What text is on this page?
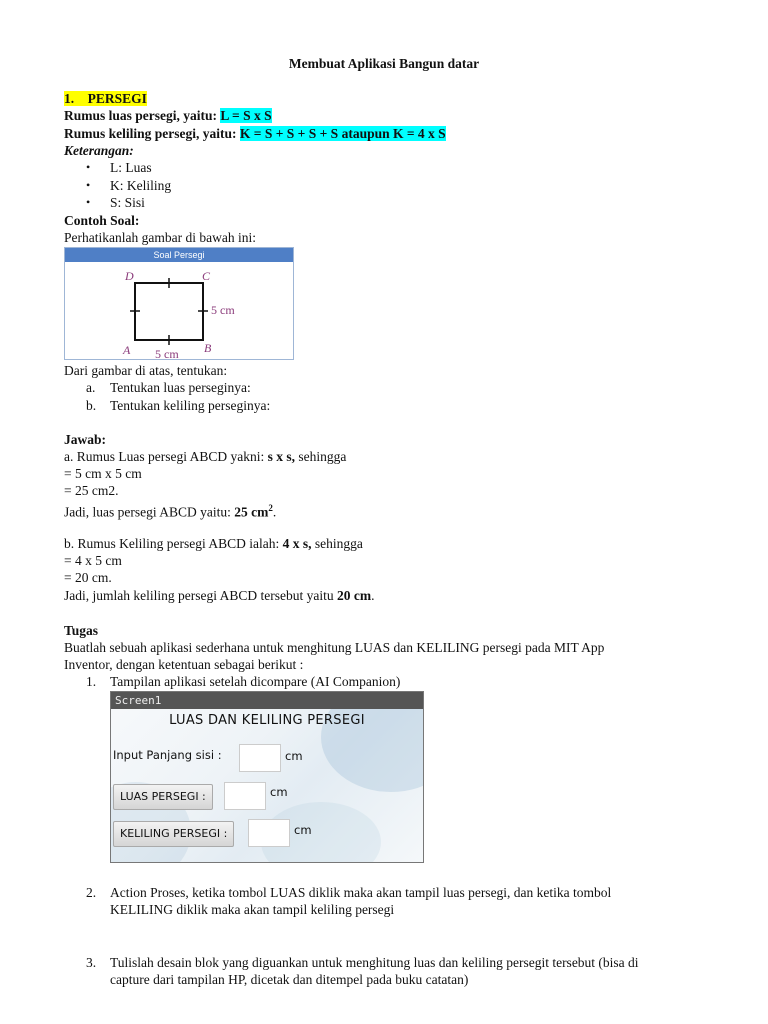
Membuat Aplikasi Bangun datar
1. PERSEGI
Rumus luas persegi, yaitu: L = S x S
Rumus keliling persegi, yaitu: K = S + S + S + S ataupun K = 4 x S
Keterangan:
• L: Luas
• K: Keliling
• S: Sisi
Contoh Soal:
Perhatikanlah gambar di bawah ini:
Soal Persegi
D	C
A	B
5 cm
5 cm
Dari gambar di atas, tentukan:
a. Tentukan luas perseginya:
b. Tentukan keliling perseginya:
Jawab:
a. Rumus Luas persegi ABCD yakni: s x s, sehingga
= 5 cm x 5 cm
= 25 cm2.
Jadi, luas persegi ABCD yaitu: 25 $cm^2$.
b. Rumus Keliling persegi ABCD ialah: 4 x s, sehingga
= 4 x 5 cm
= 20 cm.
Jadi, jumlah keliling persegi ABCD tersebut yaitu 20 cm.
Tugas
Buatlah sebuah aplikasi sederhana untuk menghitung LUAS dan KELILING persegi pada MIT App
Inventor, dengan ketentuan sebagai berikut :
1. Tampilan aplikasi setelah dicompare (AI Companion)
Screen1
LUAS DAN KELILING PERSEGI
Input Panjang sisi :	cm
LUAS PERSEGI :	cm
KELILING PERSEGI :	cm
2. Action Proses, ketika tombol LUAS diklik maka akan tampil luas persegi, dan ketika tombol
KELILING diklik maka akan tampil keliling persegi
3. Tulislah desain blok yang diguankan untuk menghitung luas dan keliling persegit tersebut (bisa di
capture dari tampilan HP, dicetak dan ditempel pada buku catatan)
